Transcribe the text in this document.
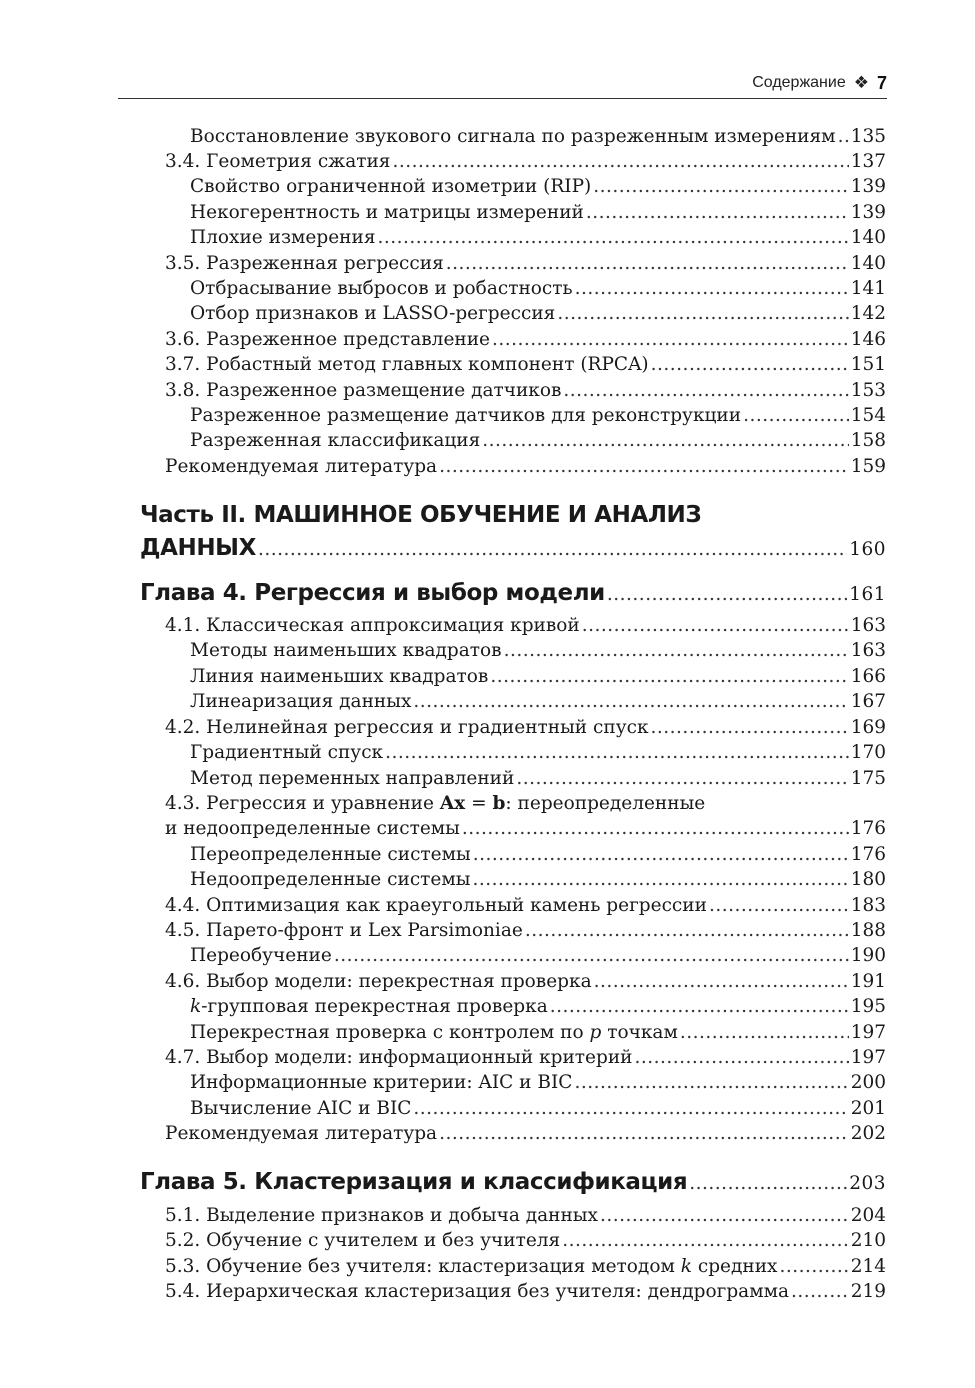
Содержание ❖ 7
Восстановление звукового сигнала по разреженным измерениям ..... 135
3.4. Геометрия сжатия .....	137
Свойство ограниченной изометрии (RIP) .....	139
Некогерентность и матрицы измерений .....	139
Плохие измерения .....	140
3.5. Разреженная регрессия .....	140
Отбрасывание выбросов и робастность .....	141
Отбор признаков и LASSO-регрессия .....	142
3.6. Разреженное представление .....	146
3.7. Робастный метод главных компонент (RPCA) .....	151
3.8. Разреженное размещение датчиков .....	153
Разреженное размещение датчиков для реконструкции .....	154
Разреженная классификация .....	158
Рекомендуемая литература .....	159
Часть II. МАШИННОЕ ОБУЧЕНИЕ И АНАЛИЗ
ДАННЫХ .....	160
Глава 4. Регрессия и выбор модели .....	161
4.1. Классическая аппроксимация кривой .....	163
Методы наименьших квадратов .....	163
Линия наименьших квадратов .....	166
Линеаризация данных .....	167
4.2. Нелинейная регрессия и градиентный спуск .....	169
Градиентный спуск .....	170
Метод переменных направлений .....	175
4.3. Регрессия и уравнение Ax = b: переопределенные
и недоопределенные системы .....	176
Переопределенные системы .....	176
Недоопределенные системы .....	180
4.4. Оптимизация как краеугольный камень регрессии .....	183
4.5. Парето-фронт и Lex Parsimoniae .....	188
Переобучение .....	190
4.6. Выбор модели: перекрестная проверка .....	191
k-групповая перекрестная проверка .....	195
Перекрестная проверка с контролем по p точкам .....	197
4.7. Выбор модели: информационный критерий .....	197
Информационные критерии: AIC и BIC .....	200
Вычисление AIC и BIC .....	201
Рекомендуемая литература .....	202
Глава 5. Кластеризация и классификация .....	203
5.1. Выделение признаков и добыча данных .....	204
5.2. Обучение с учителем и без учителя .....	210
5.3. Обучение без учителя: кластеризация методом k средних .....	214
5.4. Иерархическая кластеризация без учителя: дендрограмма .....	219
